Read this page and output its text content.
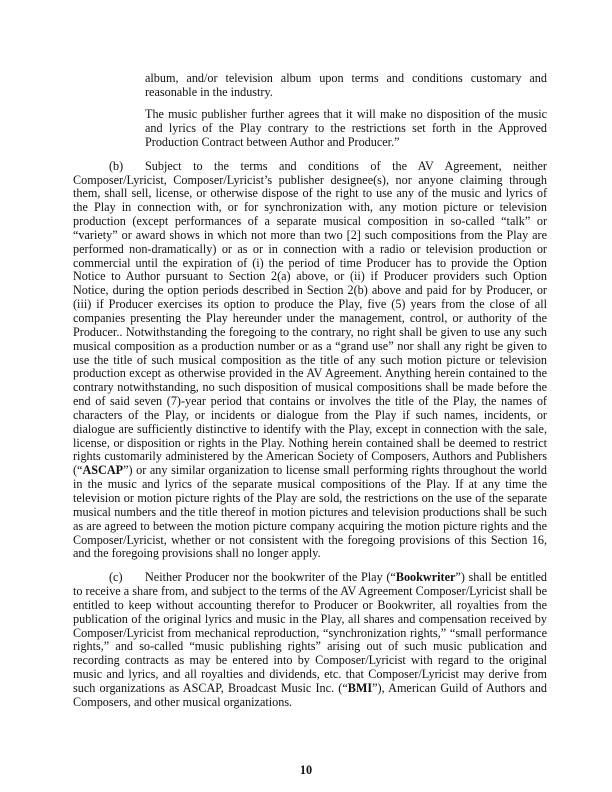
album, and/or television album upon terms and conditions customary and reasonable in the industry.

The music publisher further agrees that it will make no disposition of the music and lyrics of the Play contrary to the restrictions set forth in the Approved Production Contract between Author and Producer.”

(b) Subject to the terms and conditions of the AV Agreement, neither Composer/Lyricist, Composer/Lyricist’s publisher designee(s), nor anyone claiming through them, shall sell, license, or otherwise dispose of the right to use any of the music and lyrics of the Play in connection with, or for synchronization with, any motion picture or television production (except performances of a separate musical composition in so-called “talk” or “variety” or award shows in which not more than two [2] such compositions from the Play are performed non-dramatically) or as or in connection with a radio or television production or commercial until the expiration of (i) the period of time Producer has to provide the Option Notice to Author pursuant to Section 2(a) above, or (ii) if Producer providers such Option Notice, during the option periods described in Section 2(b) above and paid for by Producer, or (iii) if Producer exercises its option to produce the Play, five (5) years from the close of all companies presenting the Play hereunder under the management, control, or authority of the Producer.. Notwithstanding the foregoing to the contrary, no right shall be given to use any such musical composition as a production number or as a “grand use” nor shall any right be given to use the title of such musical composition as the title of any such motion picture or television production except as otherwise provided in the AV Agreement. Anything herein contained to the contrary notwithstanding, no such disposition of musical compositions shall be made before the end of said seven (7)-year period that contains or involves the title of the Play, the names of characters of the Play, or incidents or dialogue from the Play if such names, incidents, or dialogue are sufficiently distinctive to identify with the Play, except in connection with the sale, license, or disposition or rights in the Play. Nothing herein contained shall be deemed to restrict rights customarily administered by the American Society of Composers, Authors and Publishers (“ASCAP”) or any similar organization to license small performing rights throughout the world in the music and lyrics of the separate musical compositions of the Play. If at any time the television or motion picture rights of the Play are sold, the restrictions on the use of the separate musical numbers and the title thereof in motion pictures and television productions shall be such as are agreed to between the motion picture company acquiring the motion picture rights and the Composer/Lyricist, whether or not consistent with the foregoing provisions of this Section 16, and the foregoing provisions shall no longer apply.

(c) Neither Producer nor the bookwriter of the Play (“Bookwriter”) shall be entitled to receive a share from, and subject to the terms of the AV Agreement Composer/Lyricist shall be entitled to keep without accounting therefor to Producer or Bookwriter, all royalties from the publication of the original lyrics and music in the Play, all shares and compensation received by Composer/Lyricist from mechanical reproduction, “synchronization rights,” “small performance rights,” and so-called “music publishing rights” arising out of such music publication and recording contracts as may be entered into by Composer/Lyricist with regard to the original music and lyrics, and all royalties and dividends, etc. that Composer/Lyricist may derive from such organizations as ASCAP, Broadcast Music Inc. (“BMI”), American Guild of Authors and Composers, and other musical organizations.

10
